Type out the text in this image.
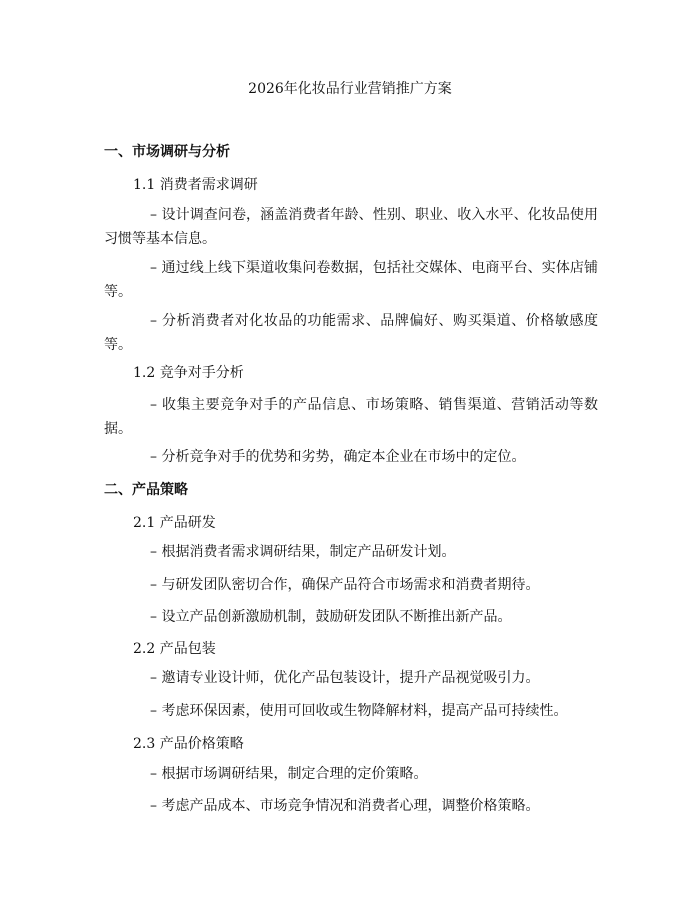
2026年化妆品行业营销推广方案
一、市场调研与分析
1.1 消费者需求调研
– 设计调查问卷，涵盖消费者年龄、性别、职业、收入水平、化妆品使用习惯等基本信息。
– 通过线上线下渠道收集问卷数据，包括社交媒体、电商平台、实体店铺等。
– 分析消费者对化妆品的功能需求、品牌偏好、购买渠道、价格敏感度等。
1.2 竞争对手分析
– 收集主要竞争对手的产品信息、市场策略、销售渠道、营销活动等数据。
– 分析竞争对手的优势和劣势，确定本企业在市场中的定位。
二、产品策略
2.1 产品研发
– 根据消费者需求调研结果，制定产品研发计划。
– 与研发团队密切合作，确保产品符合市场需求和消费者期待。
– 设立产品创新激励机制，鼓励研发团队不断推出新产品。
2.2 产品包装
– 邀请专业设计师，优化产品包装设计，提升产品视觉吸引力。
– 考虑环保因素，使用可回收或生物降解材料，提高产品可持续性。
2.3 产品价格策略
– 根据市场调研结果，制定合理的定价策略。
– 考虑产品成本、市场竞争情况和消费者心理，调整价格策略。
